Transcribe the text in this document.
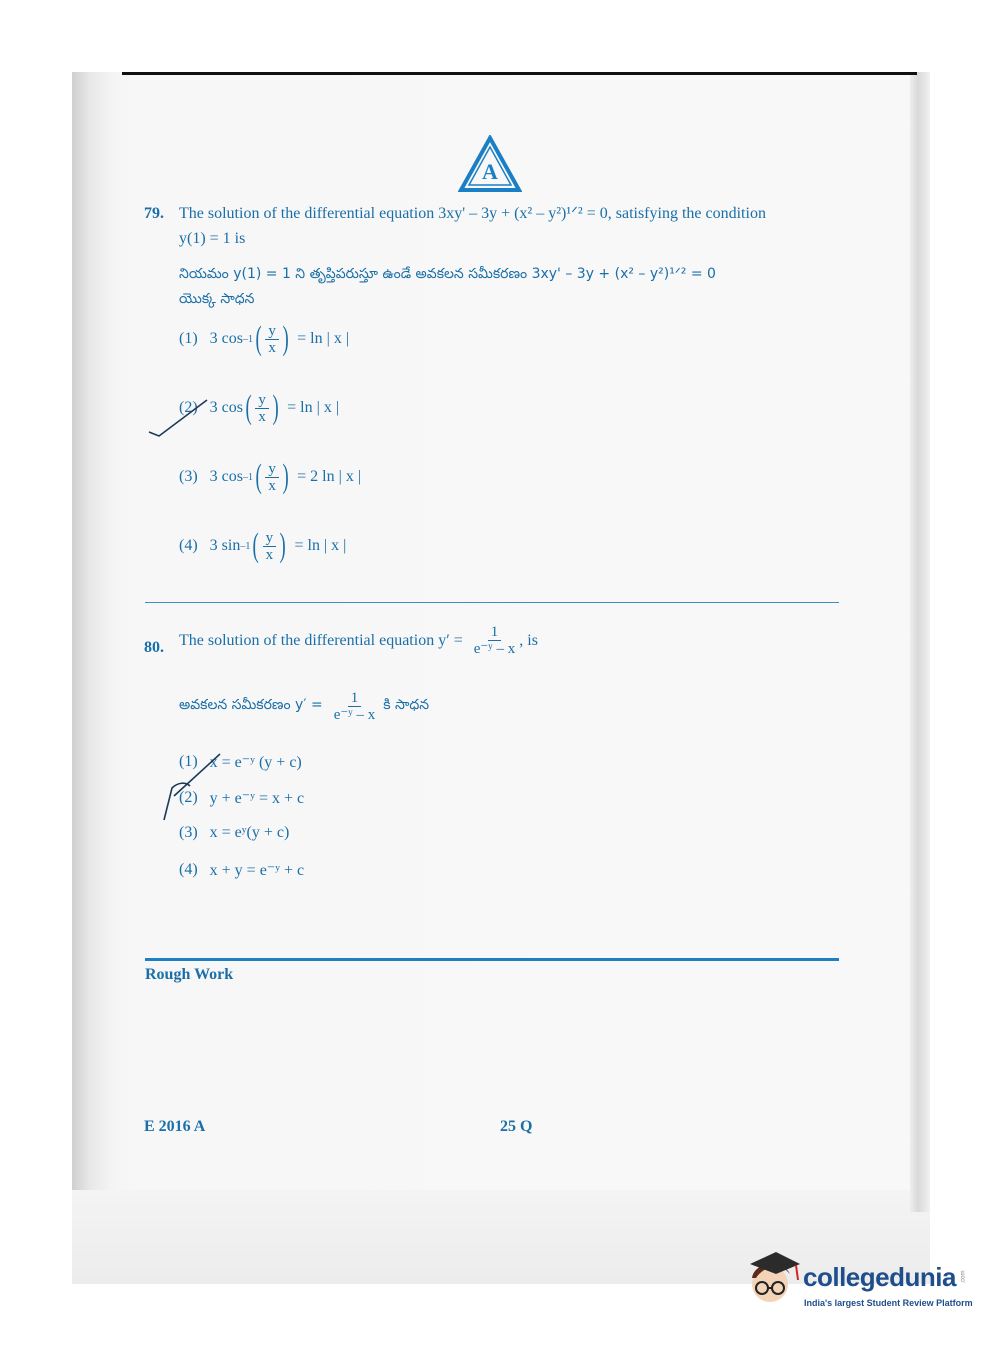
A
79. The solution of the differential equation 3xy' – 3y + (x² – y²)¹ᐟ² = 0, satisfying the condition
y(1) = 1 is
నియమం y(1) = 1 ని తృప్తిపరుస్తూ ఉండే అవకలన సమీకరణం 3xy' – 3y + (x² – y²)¹ᐟ² = 0
యొక్క సాధన
(1) 3 cos –1 ( $\frac{y}{x}$ ) = ln | x |
(2) 3 cos ( $\frac{y}{x}$ ) = ln | x |
(3) 3 cos –1 ( $\frac{y}{x}$ ) = 2 ln | x |
(4) 3 sin –1 ( $\frac{y}{x}$ ) = ln | x |
80. The solution of the differential equation $y' = \frac{1}{\text{e⁻ʸ – x}}$ , is
అవకలన సమీకరణం $y' = \frac{1}{\text{e⁻ʸ – x}}$ కి సాధన
(1) x = e⁻ʸ (y + c)
(2) y + e⁻ʸ = x + c
(3) x = eʸ(y + c)
(4) x + y = e⁻ʸ + c
Rough Work
E 2016 A	25 Q
collegedunia .com
India's largest Student Review Platform
